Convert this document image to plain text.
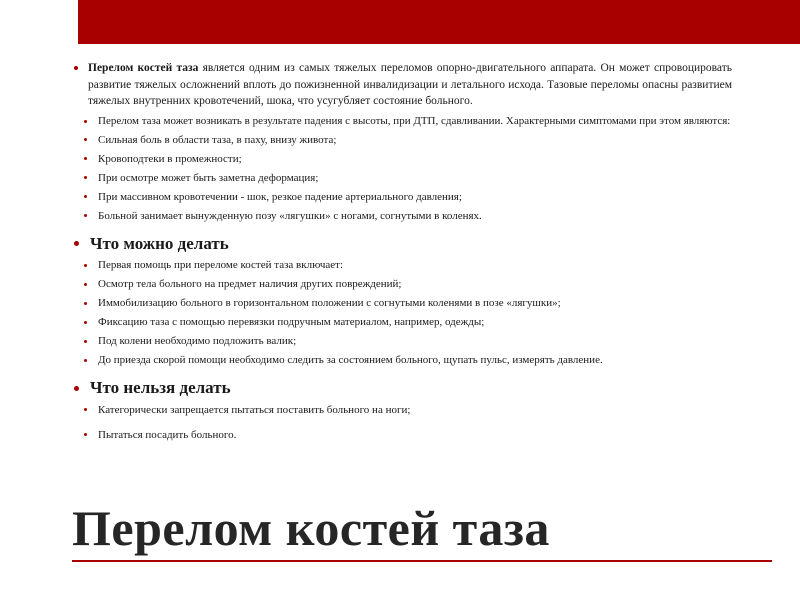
Перелом костей таза является одним из самых тяжелых переломов опорно-двигательного аппарата. Он может спровоцировать развитие тяжелых осложнений вплоть до пожизненной инвалидизации и летального исхода. Тазовые переломы опасны развитием тяжелых внутренних кровотечений, шока, что усугубляет состояние больного.
Перелом таза может возникать в результате падения с высоты, при ДТП, сдавливании. Характерными симптомами при этом являются:
Сильная боль в области таза, в паху, внизу живота;
Кровоподтеки в промежности;
При осмотре может быть заметна деформация;
При массивном кровотечении - шок, резкое падение артериального давления;
Больной занимает вынужденную позу «лягушки» с ногами, согнутыми в коленях.
Что можно делать
Первая помощь при переломе костей таза включает:
Осмотр тела больного на предмет наличия других повреждений;
Иммобилизацию больного в горизонтальном положении с согнутыми коленями в позе «лягушки»;
Фиксацию таза с помощью перевязки подручным материалом, например, одежды;
Под колени необходимо подложить валик;
До приезда скорой помощи необходимо следить за состоянием больного, щупать пульс, измерять давление.
Что нельзя делать
Категорически запрещается пытаться поставить больного на ноги;
Пытаться посадить больного.
Перелом костей таза
